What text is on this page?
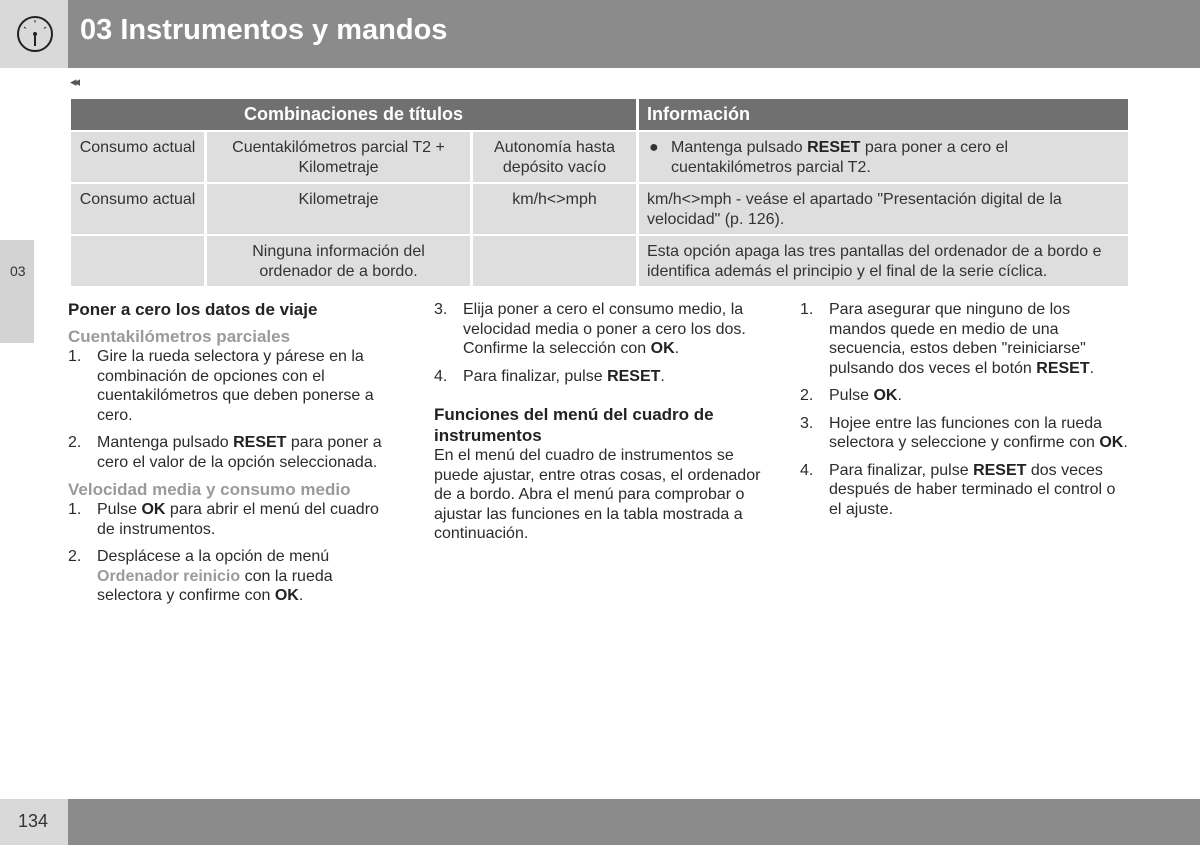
03 Instrumentos y mandos
◂◂
03
Combinaciones de títulos			Información
Consumo actual	Cuentakilómetros parcial T2 + Kilometraje	Autonomía hasta depósito vacío	● Mantenga pulsado RESET para poner a cero el cuentakilómetros parcial T2.

Consumo actual	Kilometraje	km/h<>mph	km/h<>mph - veáse el apartado "Presentación digital de la velocidad" (p. 126).
	Ninguna información del ordenador de a bordo.		Esta opción apaga las tres pantallas del ordenador de a bordo e identifica además el principio y el final de la serie cíclica.
Poner a cero los datos de viaje
Cuentakilómetros parciales
1. Gire la rueda selectora y párese en la combinación de opciones con el cuentakilómetros que deben ponerse a cero.
2. Mantenga pulsado RESET para poner a cero el valor de la opción seleccionada.
Velocidad media y consumo medio
1. Pulse OK para abrir el menú del cuadro de instrumentos.
2. Desplácese a la opción de menú Ordenador reinicio con la rueda selectora y confirme con OK.
3. Elija poner a cero el consumo medio, la velocidad media o poner a cero los dos. Confirme la selección con OK.
4. Para finalizar, pulse RESET.
Funciones del menú del cuadro de instrumentos

En el menú del cuadro de instrumentos se puede ajustar, entre otras cosas, el ordenador de a bordo. Abra el menú para comprobar o ajustar las funciones en la tabla mostrada a continuación.

1. Para asegurar que ninguno de los mandos quede en medio de una secuencia, estos deben "reiniciarse" pulsando dos veces el botón RESET.
2. Pulse OK.
3. Hojee entre las funciones con la rueda selectora y seleccione y confirme con OK.
4. Para finalizar, pulse RESET dos veces después de haber terminado el control o el ajuste.
134
